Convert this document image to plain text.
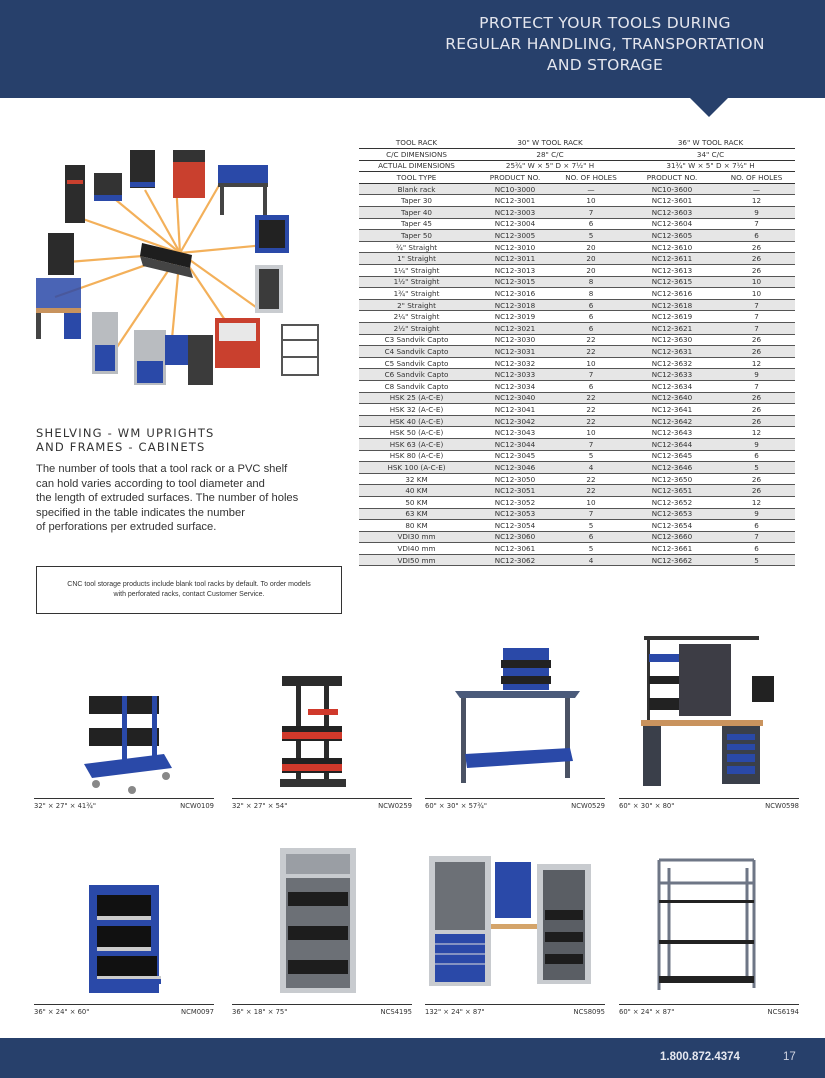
PROTECT YOUR TOOLS DURING
REGULAR HANDLING, TRANSPORTATION
AND STORAGE
SHELVING - WM UPRIGHTS
AND FRAMES - CABINETS
The number of tools that a tool rack or a PVC shelf
can hold varies according to tool diameter and
the length of extruded surfaces. The number of holes
specified in the table indicates the number
of perforations per extruded surface.
CNC tool storage products include blank tool racks by default. To order models
with perforated racks, contact Customer Service.
TOOL RACK	30" W TOOL RACK		36" W TOOL RACK	
C/C DIMENSIONS	28" C/C		34" C/C	
ACTUAL DIMENSIONS	25¾" W × 5" D × 7½" H		31¾" W × 5" D × 7½" H	
TOOL TYPE	PRODUCT NO.	NO. OF HOLES	PRODUCT NO.	NO. OF HOLES
Blank rack	NC10-3000	—	NC10-3600	—
Taper 30	NC12-3001	10	NC12-3601	12
Taper 40	NC12-3003	7	NC12-3603	9
Taper 45	NC12-3004	6	NC12-3604	7
Taper 50	NC12-3005	5	NC12-3605	6
¾" Straight	NC12-3010	20	NC12-3610	26
1" Straight	NC12-3011	20	NC12-3611	26
1¼" Straight	NC12-3013	20	NC12-3613	26
1½" Straight	NC12-3015	8	NC12-3615	10
1¾" Straight	NC12-3016	8	NC12-3616	10
2" Straight	NC12-3018	6	NC12-3618	7
2¼" Straight	NC12-3019	6	NC12-3619	7
2½" Straight	NC12-3021	6	NC12-3621	7
C3 Sandvik Capto	NC12-3030	22	NC12-3630	26
C4 Sandvik Capto	NC12-3031	22	NC12-3631	26
C5 Sandvik Capto	NC12-3032	10	NC12-3632	12
C6 Sandvik Capto	NC12-3033	7	NC12-3633	9
C8 Sandvik Capto	NC12-3034	6	NC12-3634	7
HSK 25 (A-C-E)	NC12-3040	22	NC12-3640	26
HSK 32 (A-C-E)	NC12-3041	22	NC12-3641	26
HSK 40 (A-C-E)	NC12-3042	22	NC12-3642	26
HSK 50 (A-C-E)	NC12-3043	10	NC12-3643	12
HSK 63 (A-C-E)	NC12-3044	7	NC12-3644	9
HSK 80 (A-C-E)	NC12-3045	5	NC12-3645	6
HSK 100 (A-C-E)	NC12-3046	4	NC12-3646	5
32 KM	NC12-3050	22	NC12-3650	26
40 KM	NC12-3051	22	NC12-3651	26
50 KM	NC12-3052	10	NC12-3652	12
63 KM	NC12-3053	7	NC12-3653	9
80 KM	NC12-3054	5	NC12-3654	6
VDI30 mm	NC12-3060	6	NC12-3660	7
VDI40 mm	NC12-3061	5	NC12-3661	6
VDI50 mm	NC12-3062	4	NC12-3662	5
32" × 27" × 41¾"	NCW0109	32" × 27" × 54"	NCW0259 60" × 30" × 57¾"	NCW0529 60" × 30" × 80"	NCW0598
36" × 24" × 60"	NCM0097	36" × 18" × 75"	NCS4195 132" × 24" × 87"	NCS8095 60" × 24" × 87"	NCS6194
1.800.872.4374	17
